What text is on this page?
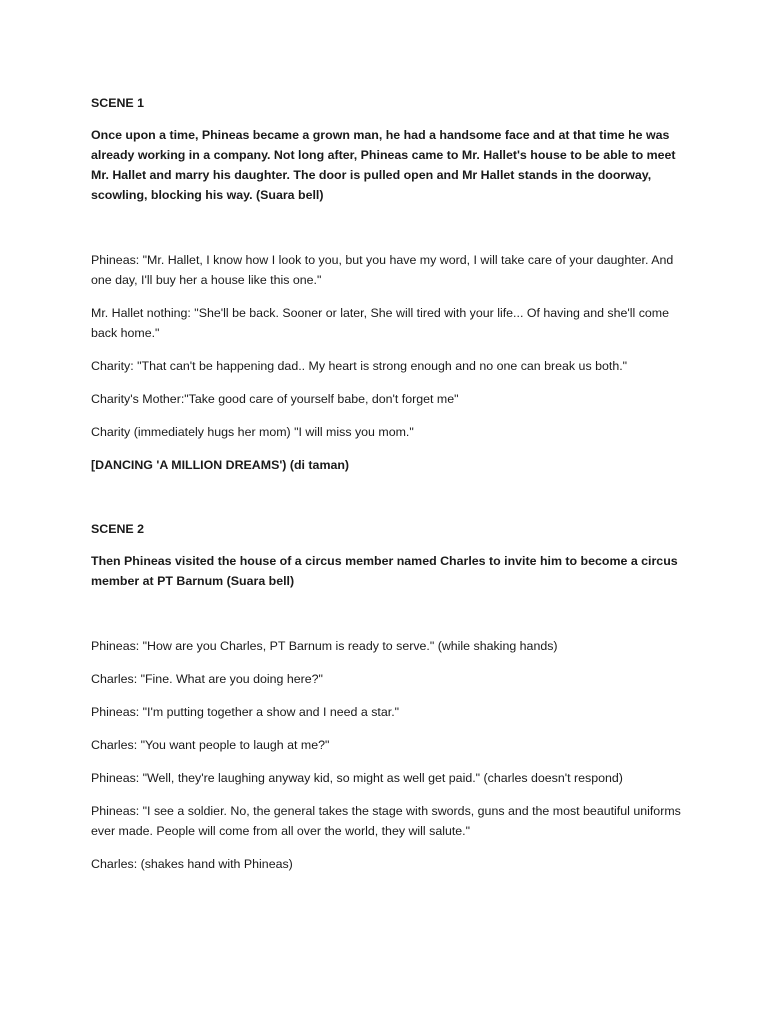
SCENE 1

Once upon a time, Phineas became a grown man, he had a handsome face and at that time he was already working in a company. Not long after, Phineas came to Mr. Hallet's house to be able to meet Mr. Hallet and marry his daughter. The door is pulled open and Mr Hallet stands in the doorway, scowling, blocking his way. (Suara bell)

Phineas: "Mr. Hallet, I know how I look to you, but you have my word, I will take care of your daughter. And one day, I'll buy her a house like this one."

Mr. Hallet nothing: "She'll be back. Sooner or later, She will tired with your life... Of having and she'll come back home."

Charity: "That can't be happening dad.. My heart is strong enough and no one can break us both."

Charity's Mother:"Take good care of yourself babe, don't forget me"

Charity (immediately hugs her mom) "I will miss you mom."

[DANCING 'A MILLION DREAMS') (di taman)

SCENE 2

Then Phineas visited the house of a circus member named Charles to invite him to become a circus member at PT Barnum (Suara bell)

Phineas: "How are you Charles, PT Barnum is ready to serve." (while shaking hands)

Charles: "Fine. What are you doing here?"

Phineas: "I'm putting together a show and I need a star."

Charles: "You want people to laugh at me?"

Phineas: "Well, they're laughing anyway kid, so might as well get paid." (charles doesn't respond)

Phineas: "I see a soldier. No, the general takes the stage with swords, guns and the most beautiful uniforms ever made. People will come from all over the world, they will salute."

Charles: (shakes hand with Phineas)
